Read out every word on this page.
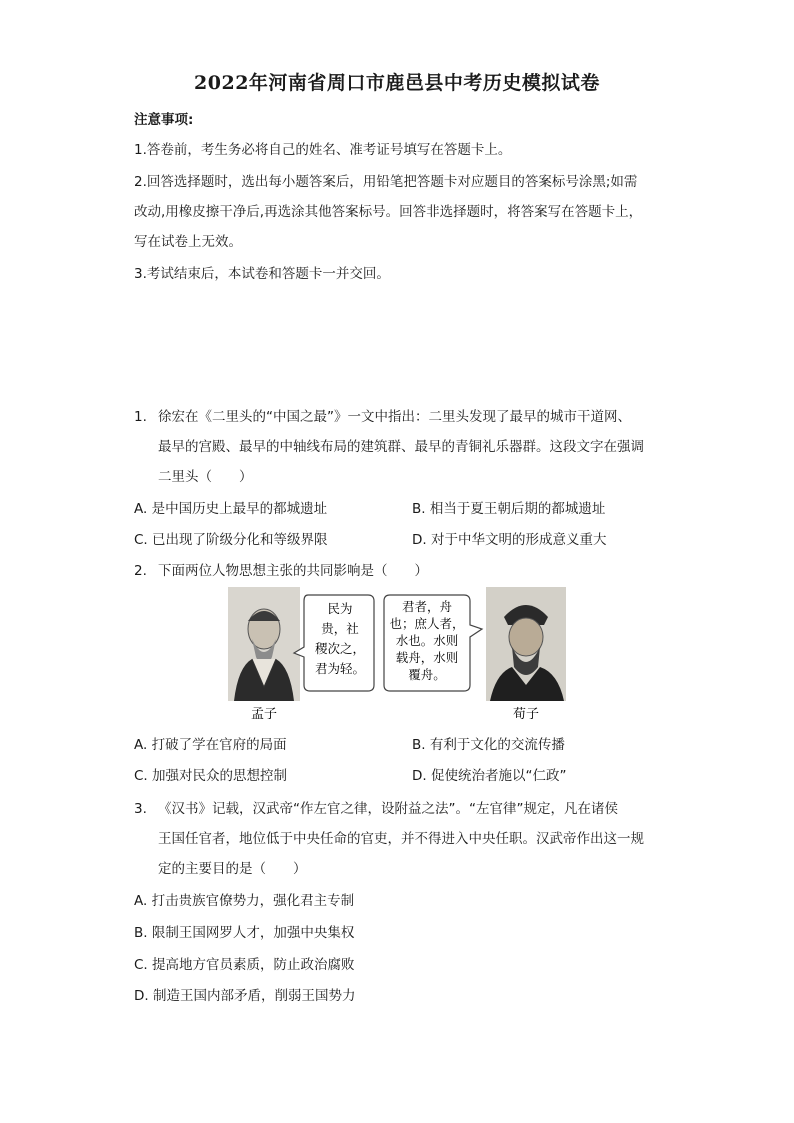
2022年河南省周口市鹿邑县中考历史模拟试卷
注意事项:
1.答卷前，考生务必将自己的姓名、准考证号填写在答题卡上。
2.回答选择题时，选出每小题答案后，用铅笔把答题卡对应题目的答案标号涂黑;如需
改动,用橡皮擦干净后,再选涂其他答案标号。回答非选择题时，将答案写在答题卡上，
写在试卷上无效。
3.考试结束后，本试卷和答题卡一并交回。
1. 徐宏在《二里头的“中国之最”》一文中指出：二里头发现了最早的城市干道网、
最早的宫殿、最早的中轴线布局的建筑群、最早的青铜礼乐器群。这段文字在强调
二里头（　　）
A. 是中国历史上最早的都城遗址	B. 相当于夏王朝后期的都城遗址
C. 已出现了阶级分化和等级界限	D. 对于中华文明的形成意义重大
2. 下面两位人物思想主张的共同影响是（　　）
民为
贵，社
稷次之，
君为轻。
君者，舟
也；庶人者，
水也。水则
载舟，水则
覆舟。
孟子	荀子
A. 打破了学在官府的局面	B. 有利于文化的交流传播
C. 加强对民众的思想控制	D. 促使统治者施以“仁政”
3. 《汉书》记载，汉武帝“作左官之律，设附益之法”。“左官律”规定，凡在诸侯
王国任官者，地位低于中央任命的官吏，并不得进入中央任职。汉武帝作出这一规
定的主要目的是（　　）
A. 打击贵族官僚势力，强化君主专制
B. 限制王国网罗人才，加强中央集权
C. 提高地方官员素质，防止政治腐败
D. 制造王国内部矛盾，削弱王国势力
